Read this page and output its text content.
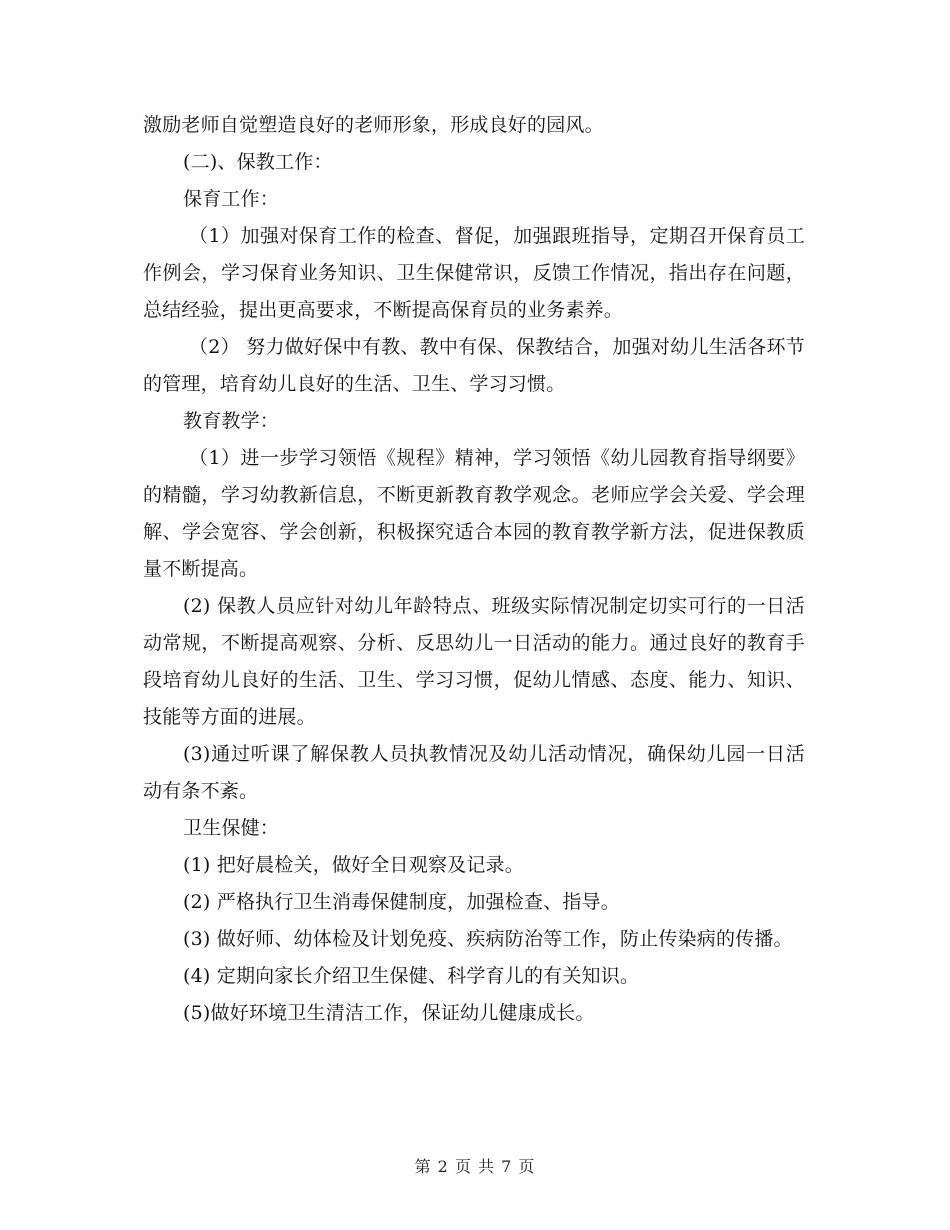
激励老师自觉塑造良好的老师形象，形成良好的园风。

(二)、保教工作：

保育工作：

（1）加强对保育工作的检查、督促，加强跟班指导，定期召开保育员工作例会，学习保育业务知识、卫生保健常识，反馈工作情况，指出存在问题，总结经验，提出更高要求，不断提高保育员的业务素养。

（2） 努力做好保中有教、教中有保、保教结合，加强对幼儿生活各环节的管理，培育幼儿良好的生活、卫生、学习习惯。

教育教学：

（1）进一步学习领悟《规程》精神，学习领悟《幼儿园教育指导纲要》的精髓，学习幼教新信息，不断更新教育教学观念。老师应学会关爱、学会理解、学会宽容、学会创新，积极探究适合本园的教育教学新方法，促进保教质量不断提高。

(2) 保教人员应针对幼儿年龄特点、班级实际情况制定切实可行的一日活动常规，不断提高观察、分析、反思幼儿一日活动的能力。通过良好的教育手段培育幼儿良好的生活、卫生、学习习惯，促幼儿情感、态度、能力、知识、技能等方面的进展。

(3)通过听课了解保教人员执教情况及幼儿活动情况，确保幼儿园一日活动有条不紊。

卫生保健：

(1) 把好晨检关，做好全日观察及记录。

(2) 严格执行卫生消毒保健制度，加强检查、指导。

(3) 做好师、幼体检及计划免疫、疾病防治等工作，防止传染病的传播。

(4) 定期向家长介绍卫生保健、科学育儿的有关知识。

(5)做好环境卫生清洁工作，保证幼儿健康成长。

第 2 页 共 7 页
